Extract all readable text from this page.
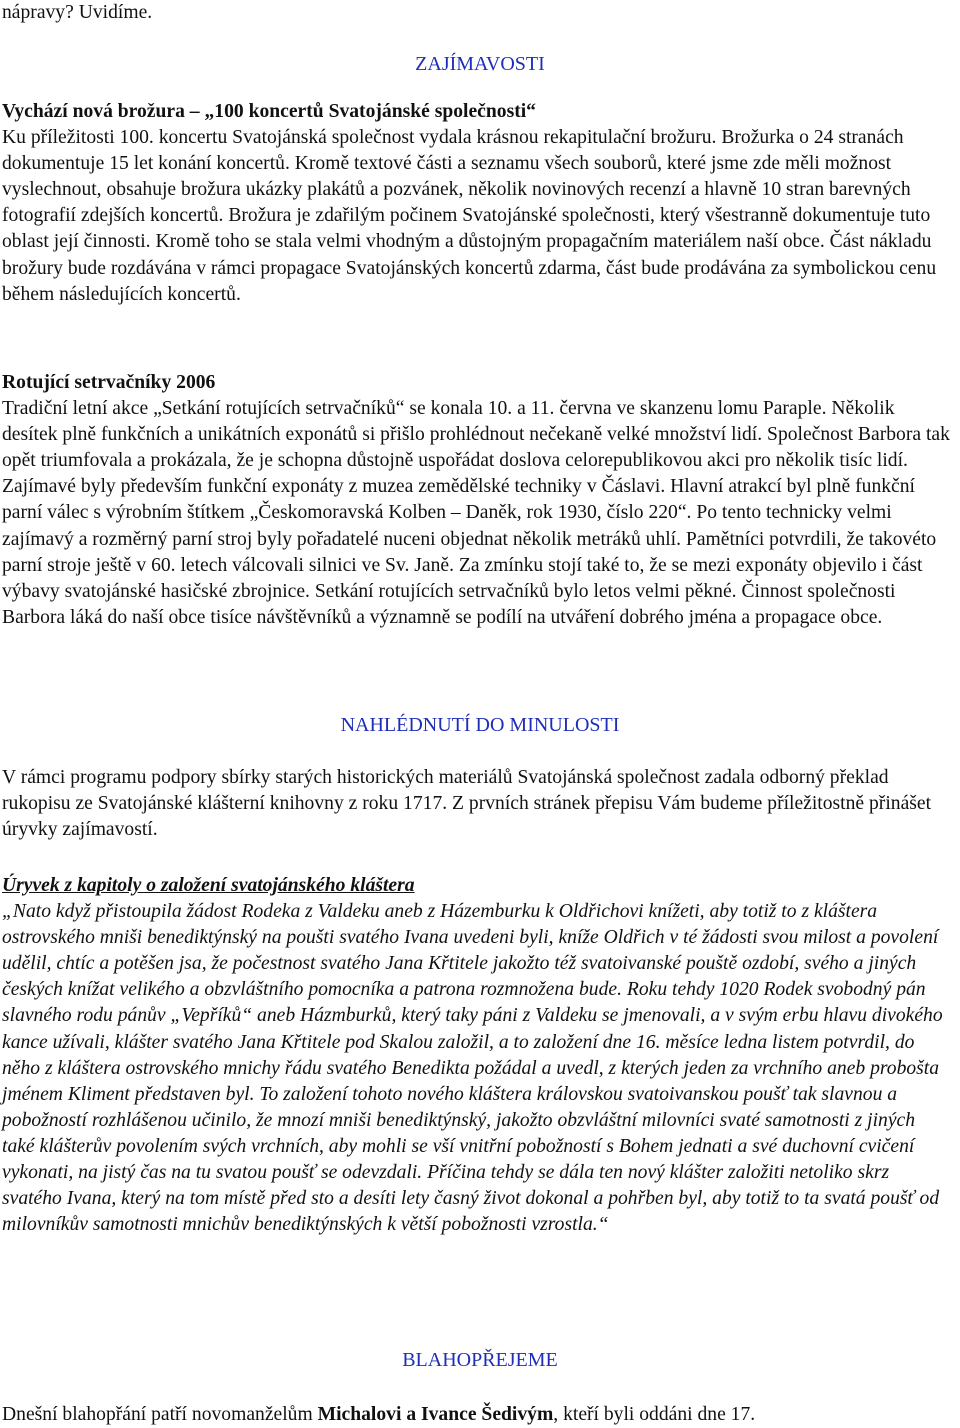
nápravy? Uvidíme.

ZAJÍMAVOSTI
Vychází nová brožura – „100 koncertů Svatojánské společnosti“
Ku příležitosti 100. koncertu Svatojánská společnost vydala krásnou rekapitulační brožuru. Brožurka o 24 stranách dokumentuje 15 let konání koncertů. Kromě textové části a seznamu všech souborů, které jsme zde měli možnost vyslechnout, obsahuje brožura ukázky plakátů a pozvánek, několik novinových recenzí a hlavně 10 stran barevných fotografií zdejších koncertů. Brožura je zdařilým počinem Svatojánské společnosti, který všestranně dokumentuje tuto oblast její činnosti. Kromě toho se stala velmi vhodným a důstojným propagačním materiálem naší obce. Část nákladu brožury bude rozdávána v rámci propagace Svatojánských koncertů zdarma, část bude prodávána za symbolickou cenu během následujících koncertů.
Rotující setrvačníky 2006
Tradiční letní akce „Setkání rotujících setrvačníků“ se konala 10. a 11. června ve skanzenu lomu Paraple. Několik desítek plně funkčních a unikátních exponátů si přišlo prohlédnout nečekaně velké množství lidí. Společnost Barbora tak opět triumfovala a prokázala, že je schopna důstojně uspořádat doslova celorepublikovou akci pro několik tisíc lidí. Zajímavé byly především funkční exponáty z muzea zemědělské techniky v Čáslavi. Hlavní atrakcí byl plně funkční parní válec s výrobním štítkem „Českomoravská Kolben – Daněk, rok 1930, číslo 220“. Po tento technicky velmi zajímavý a rozměrný parní stroj byly pořadatelé nuceni objednat několik metráků uhlí. Pamětníci potvrdili, že takovéto parní stroje ještě v 60. letech válcovali silnici ve Sv. Janě. Za zmínku stojí také to, že se mezi exponáty objevilo i část výbavy svatojánské hasičské zbrojnice. Setkání rotujících setrvačníků bylo letos velmi pěkné. Činnost společnosti Barbora láká do naší obce tisíce návštěvníků a významně se podílí na utváření dobrého jména a propagace obce.
NAHLÉDNUTÍ DO MINULOSTI

V rámci programu podpory sbírky starých historických materiálů Svatojánská společnost zadala odborný překlad rukopisu ze Svatojánské klášterní knihovny z roku 1717. Z prvních stránek přepisu Vám budeme příležitostně přinášet úryvky zajímavostí.

Úryvek z kapitoly o založení svatojánského kláštera
„Nato když přistoupila žádost Rodeka z Valdeku aneb z Házemburku k Oldřichovi knížeti, aby totiž to z kláštera ostrovského mniši benediktýnský na poušti svatého Ivana uvedeni byli, kníže Oldřich v té žádosti svou milost a povolení udělil, chtíc a potěšen jsa, že počestnost svatého Jana Křtitele jakožto též svatoivanské pouště ozdobí, svého a jiných českých knížat velikého a obzvláštního pomocníka a patrona rozmnožena bude. Roku tehdy 1020 Rodek svobodný pán slavného rodu pánův „Vepříků“ aneb Házmburků, který taky páni z Valdeku se jmenovali, a v svým erbu hlavu divokého kance užívali, klášter svatého Jana Křtitele pod Skalou založil, a to založení dne 16. měsíce ledna listem potvrdil, do něho z kláštera ostrovského mnichy řádu svatého Benedikta požádal a uvedl, z kterých jeden za vrchního aneb probošta jménem Kliment představen byl. To založení tohoto nového kláštera královskou svatoivanskou poušť tak slavnou a pobožností rozhlášenou učinilo, že mnozí mniši benediktýnský, jakožto obzvláštní milovníci svaté samotnosti z jiných také klášterův povolením svých vrchních, aby mohli se vší vnitřní pobožností s Bohem jednati a své duchovní cvičení vykonati, na jistý čas na tu svatou poušť se odevzdali. Příčina tehdy se dála ten nový klášter založiti netoliko skrz svatého Ivana, který na tom místě před sto a desíti lety časný život dokonal a pohřben byl, aby totiž to ta svatá poušť od milovníkův samotnosti mnichův benediktýnských k větší pobožnosti vzrostla.“
BLAHOPŘEJEME

Dnešní blahopřání patří novomanželům Michalovi a Ivance Šedivým, kteří byli oddáni dne 17.
